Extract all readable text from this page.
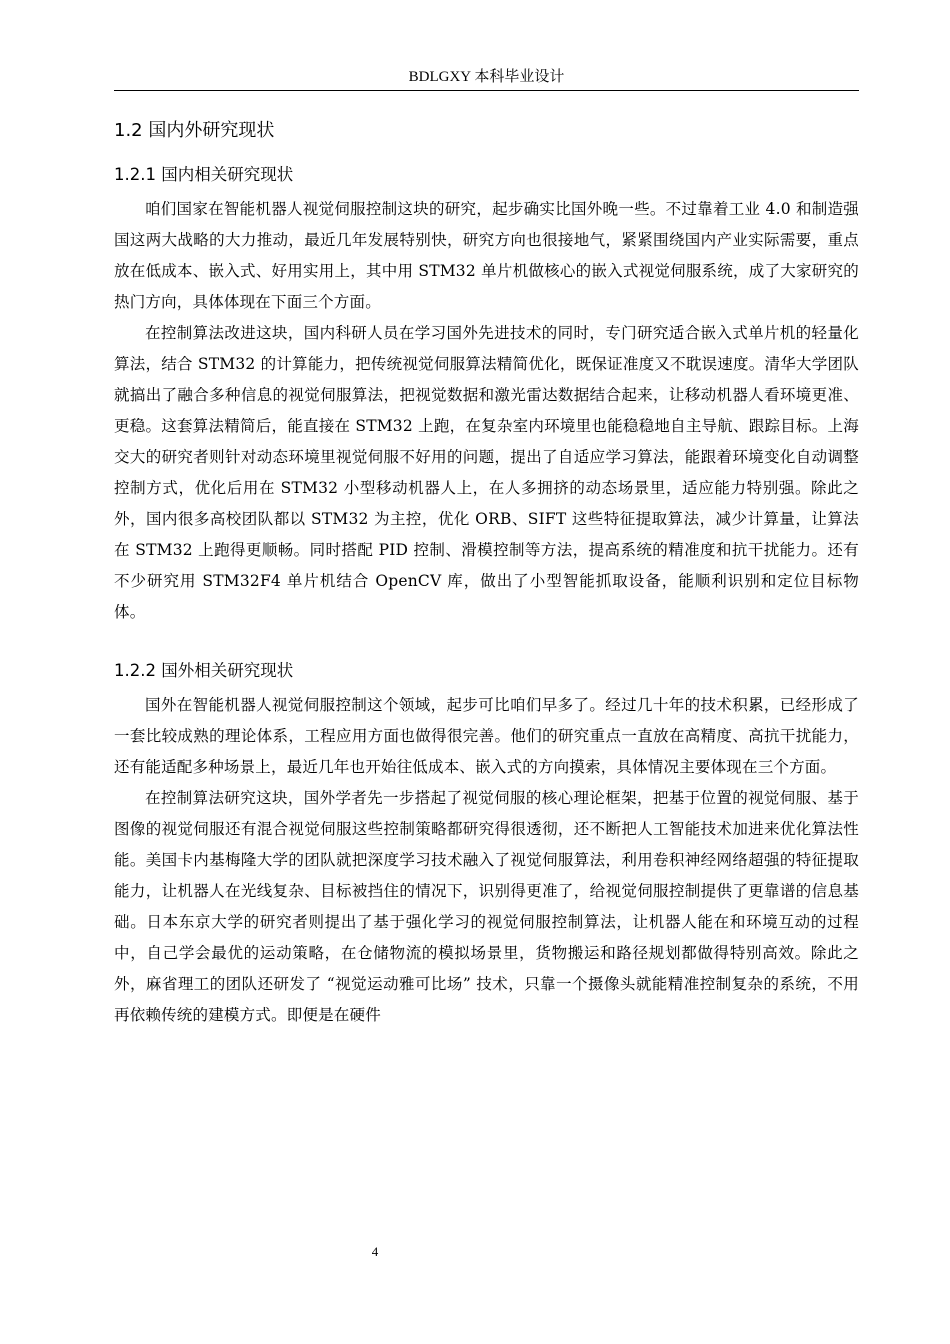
BDLGXY 本科毕业设计
1.2 国内外研究现状
1.2.1 国内相关研究现状

咱们国家在智能机器人视觉伺服控制这块的研究，起步确实比国外晚一些。不过靠着工业 4.0 和制造强国这两大战略的大力推动，最近几年发展特别快，研究方向也很接地气，紧紧围绕国内产业实际需要，重点放在低成本、嵌入式、好用实用上，其中用 STM32 单片机做核心的嵌入式视觉伺服系统，成了大家研究的热门方向，具体体现在下面三个方面。

在控制算法改进这块，国内科研人员在学习国外先进技术的同时，专门研究适合嵌入式单片机的轻量化算法，结合 STM32 的计算能力，把传统视觉伺服算法精简优化，既保证准度又不耽误速度。清华大学团队就搞出了融合多种信息的视觉伺服算法，把视觉数据和激光雷达数据结合起来，让移动机器人看环境更准、更稳。这套算法精简后，能直接在 STM32 上跑，在复杂室内环境里也能稳稳地自主导航、跟踪目标。上海交大的研究者则针对动态环境里视觉伺服不好用的问题，提出了自适应学习算法，能跟着环境变化自动调整控制方式，优化后用在 STM32 小型移动机器人上，在人多拥挤的动态场景里，适应能力特别强。除此之外，国内很多高校团队都以 STM32 为主控，优化 ORB、SIFT 这些特征提取算法，减少计算量，让算法在 STM32 上跑得更顺畅。同时搭配 PID 控制、滑模控制等方法，提高系统的精准度和抗干扰能力。还有不少研究用 STM32F4 单片机结合 OpenCV 库，做出了小型智能抓取设备，能顺利识别和定位目标物体。

1.2.2 国外相关研究现状

国外在智能机器人视觉伺服控制这个领域，起步可比咱们早多了。经过几十年的技术积累，已经形成了一套比较成熟的理论体系，工程应用方面也做得很完善。他们的研究重点一直放在高精度、高抗干扰能力，还有能适配多种场景上，最近几年也开始往低成本、嵌入式的方向摸索，具体情况主要体现在三个方面。

在控制算法研究这块，国外学者先一步搭起了视觉伺服的核心理论框架，把基于位置的视觉伺服、基于图像的视觉伺服还有混合视觉伺服这些控制策略都研究得很透彻，还不断把人工智能技术加进来优化算法性能。美国卡内基梅隆大学的团队就把深度学习技术融入了视觉伺服算法，利用卷积神经网络超强的特征提取能力，让机器人在光线复杂、目标被挡住的情况下，识别得更准了，给视觉伺服控制提供了更靠谱的信息基础。日本东京大学的研究者则提出了基于强化学习的视觉伺服控制算法，让机器人能在和环境互动的过程中，自己学会最优的运动策略，在仓储物流的模拟场景里，货物搬运和路径规划都做得特别高效。除此之外，麻省理工的团队还研发了 “视觉运动雅可比场” 技术，只靠一个摄像头就能精准控制复杂的系统，不用再依赖传统的建模方式。即便是在硬件

4
